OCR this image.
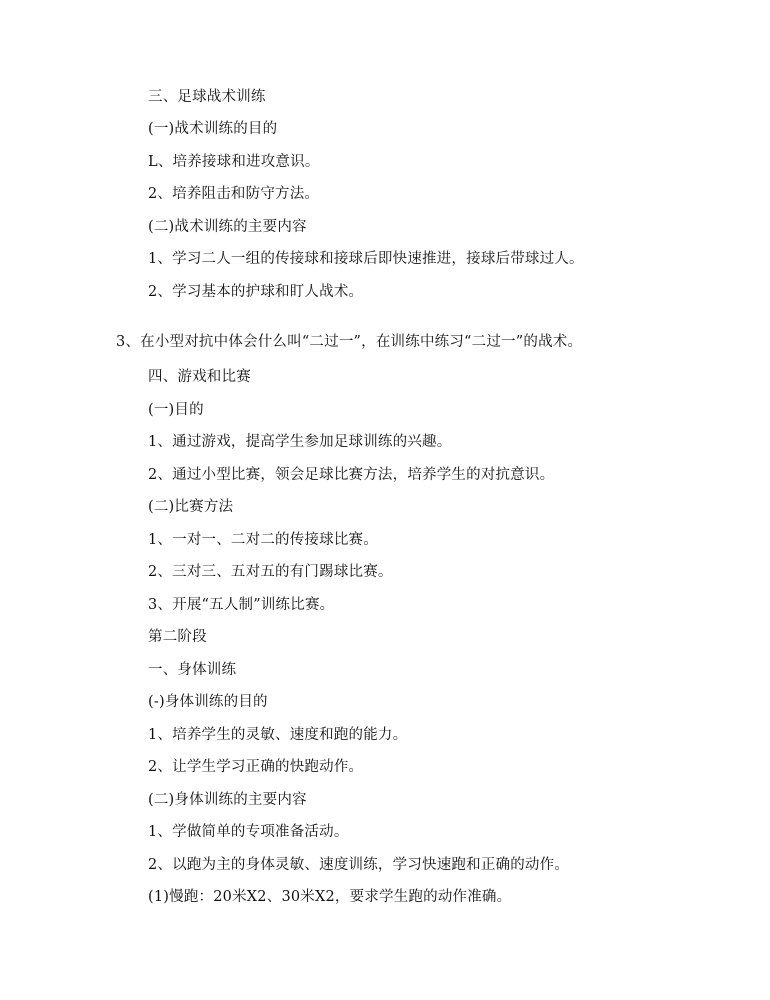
三、足球战术训练
(一)战术训练的目的
L、培养接球和进攻意识。
2、培养阻击和防守方法。
(二)战术训练的主要内容
1、学习二人一组的传接球和接球后即快速推进，接球后带球过人。
2、学习基本的护球和盯人战术。
3、在小型对抗中体会什么叫“二过一”，在训练中练习“二过一”的战术。
四、游戏和比赛
(一)目的
1、通过游戏，提高学生参加足球训练的兴趣。
2、通过小型比赛，领会足球比赛方法，培养学生的对抗意识。
(二)比赛方法
1、一对一、二对二的传接球比赛。
2、三对三、五对五的有门踢球比赛。
3、开展“五人制”训练比赛。
第二阶段
一、身体训练
(-)身体训练的目的
1、培养学生的灵敏、速度和跑的能力。
2、让学生学习正确的快跑动作。
(二)身体训练的主要内容
1、学做简单的专项准备活动。
2、以跑为主的身体灵敏、速度训练，学习快速跑和正确的动作。
(1)慢跑：20米X2、30米X2，要求学生跑的动作准确。
